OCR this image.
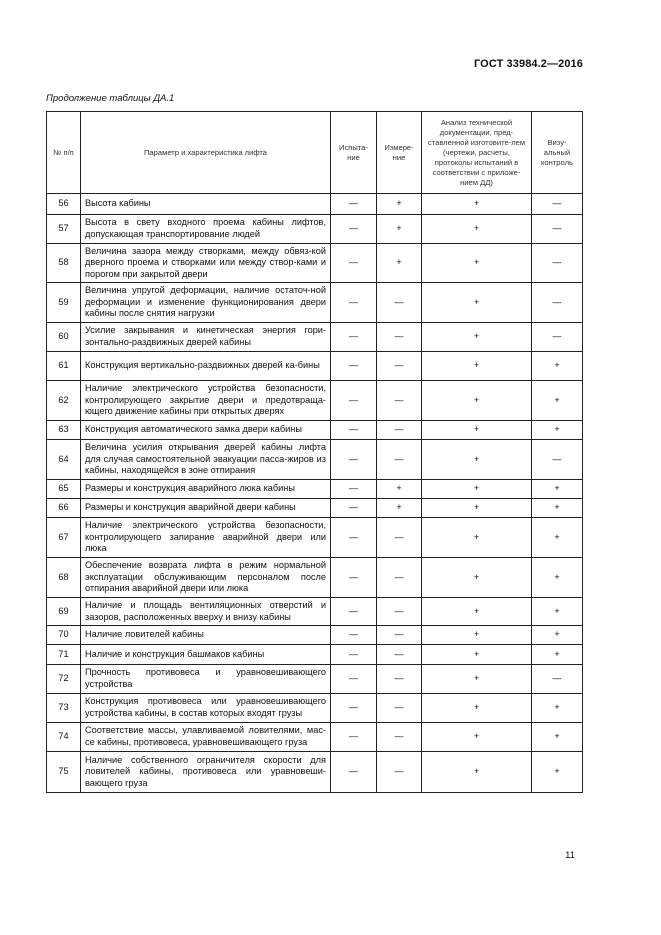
ГОСТ 33984.2—2016
Продолжение таблицы ДА.1
№ п/п	Параметр и характеристика лифта	Испыта-ние	Измере-ние	Анализ технической документации, пред-ставленной изготовите-лем (чертежи, расчеты, протоколы испытаний в соответствии с приложе-нием ДД)	Визу-альный контроль
56	Высота кабины	—	+	+	—
57	Высота в свету входного проема кабины лифтов, допускающая транспортирование людей	—	+	+	—
58	Величина зазора между створками, между обвяз-кой дверного проема и створками или между створ-ками и порогом при закрытой двери	—	+	+	—
59	Величина упругой деформации, наличие остаточ-ной деформации и изменение функционирования двери кабины после снятия нагрузки	—	—	+	—
60	Усилие закрывания и кинетическая энергия гори-зонтально-раздвижных дверей кабины	—	—	+	—
61	Конструкция вертикально-раздвижных дверей ка-бины	—	—	+	+
62	Наличие электрического устройства безопасности, контролирующего закрытие двери и предотвраща-ющего движение кабины при открытых дверях	—	—	+	+
63	Конструкция автоматического замка двери кабины	—	—	+	+
64	Величина усилия открывания дверей кабины лифта для случая самостоятельной эвакуации пасса-жиров из кабины, находящейся в зоне отпирания	—	—	+	—
65	Размеры и конструкция аварийного люка кабины	—	+	+	+
66	Размеры и конструкция аварийной двери кабины	—	+	+	+
67	Наличие электрического устройства безопасности, контролирующего запирание аварийной двери или люка	—	—	+	+
68	Обеспечение возврата лифта в режим нормальной эксплуатации обслуживающим персоналом после отпирания аварийной двери или люка	—	—	+	+
69	Наличие и площадь вентиляционных отверстий и зазоров, расположенных вверху и внизу кабины	—	—	+	+
70	Наличие ловителей кабины	—	—	+	+
71	Наличие и конструкция башмаков кабины	—	—	+	+
72	Прочность противовеса и уравновешивающего устройства	—	—	+	—
73	Конструкция противовеса или уравновешивающего устройства кабины, в состав которых входят грузы	—	—	+	+
74	Соответствие массы, улавливаемой ловителями, мас-се кабины, противовеса, уравновешивающего груза	—	—	+	+
75	Наличие собственного ограничителя скорости для ловителей кабины, противовеса или уравновеши-вающего груза	—	—	+	+
11
